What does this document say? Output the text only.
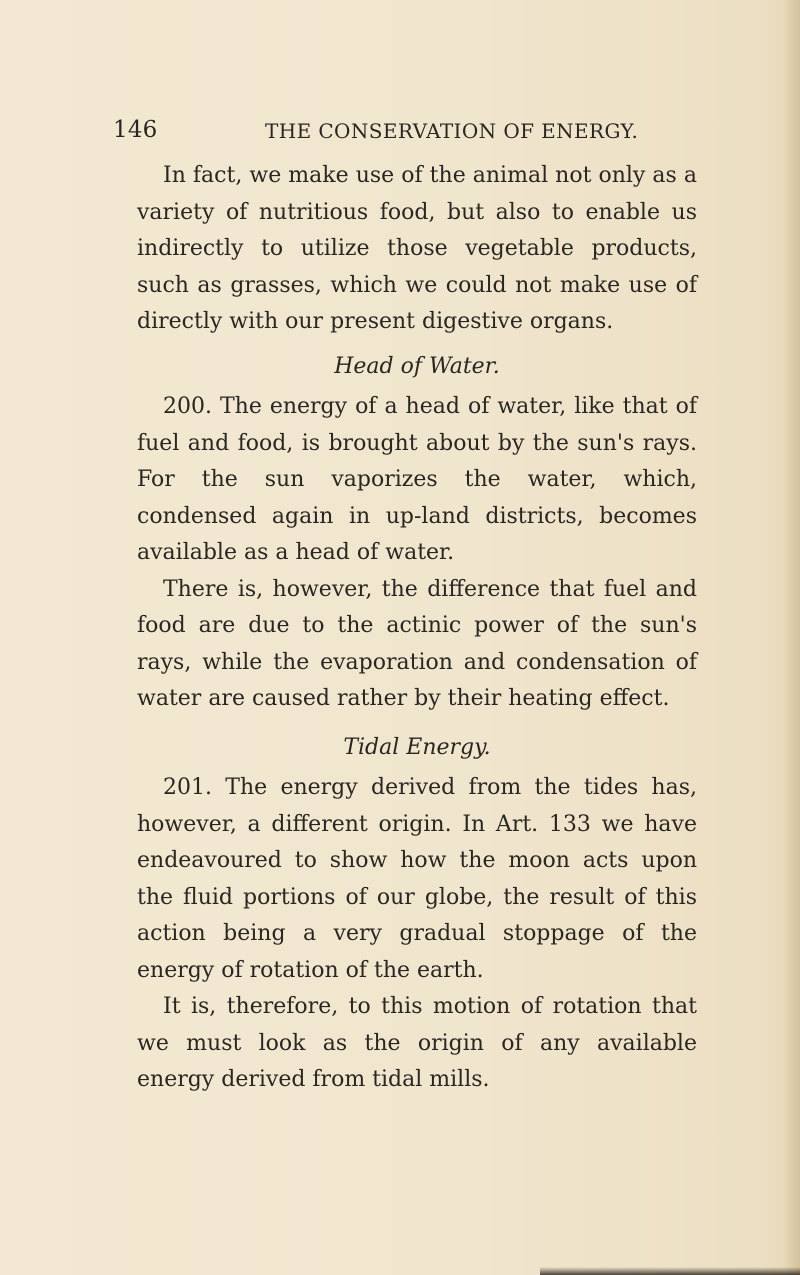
146	THE CONSERVATION OF ENERGY.

In fact, we make use of the animal not only as a variety of nutritious food, but also to enable us indirectly to utilize those vegetable products, such as grasses, which we could not make use of directly with our present digestive organs.

Head of Water.

200. The energy of a head of water, like that of fuel and food, is brought about by the sun's rays. For the sun vaporizes the water, which, condensed again in up-land districts, becomes available as a head of water.

There is, however, the difference that fuel and food are due to the actinic power of the sun's rays, while the evaporation and condensation of water are caused rather by their heating effect.

Tidal Energy.

201. The energy derived from the tides has, however, a different origin. In Art. 133 we have endeavoured to show how the moon acts upon the fluid portions of our globe, the result of this action being a very gradual stoppage of the energy of rotation of the earth.

It is, therefore, to this motion of rotation that we must look as the origin of any available energy derived from tidal mills.
